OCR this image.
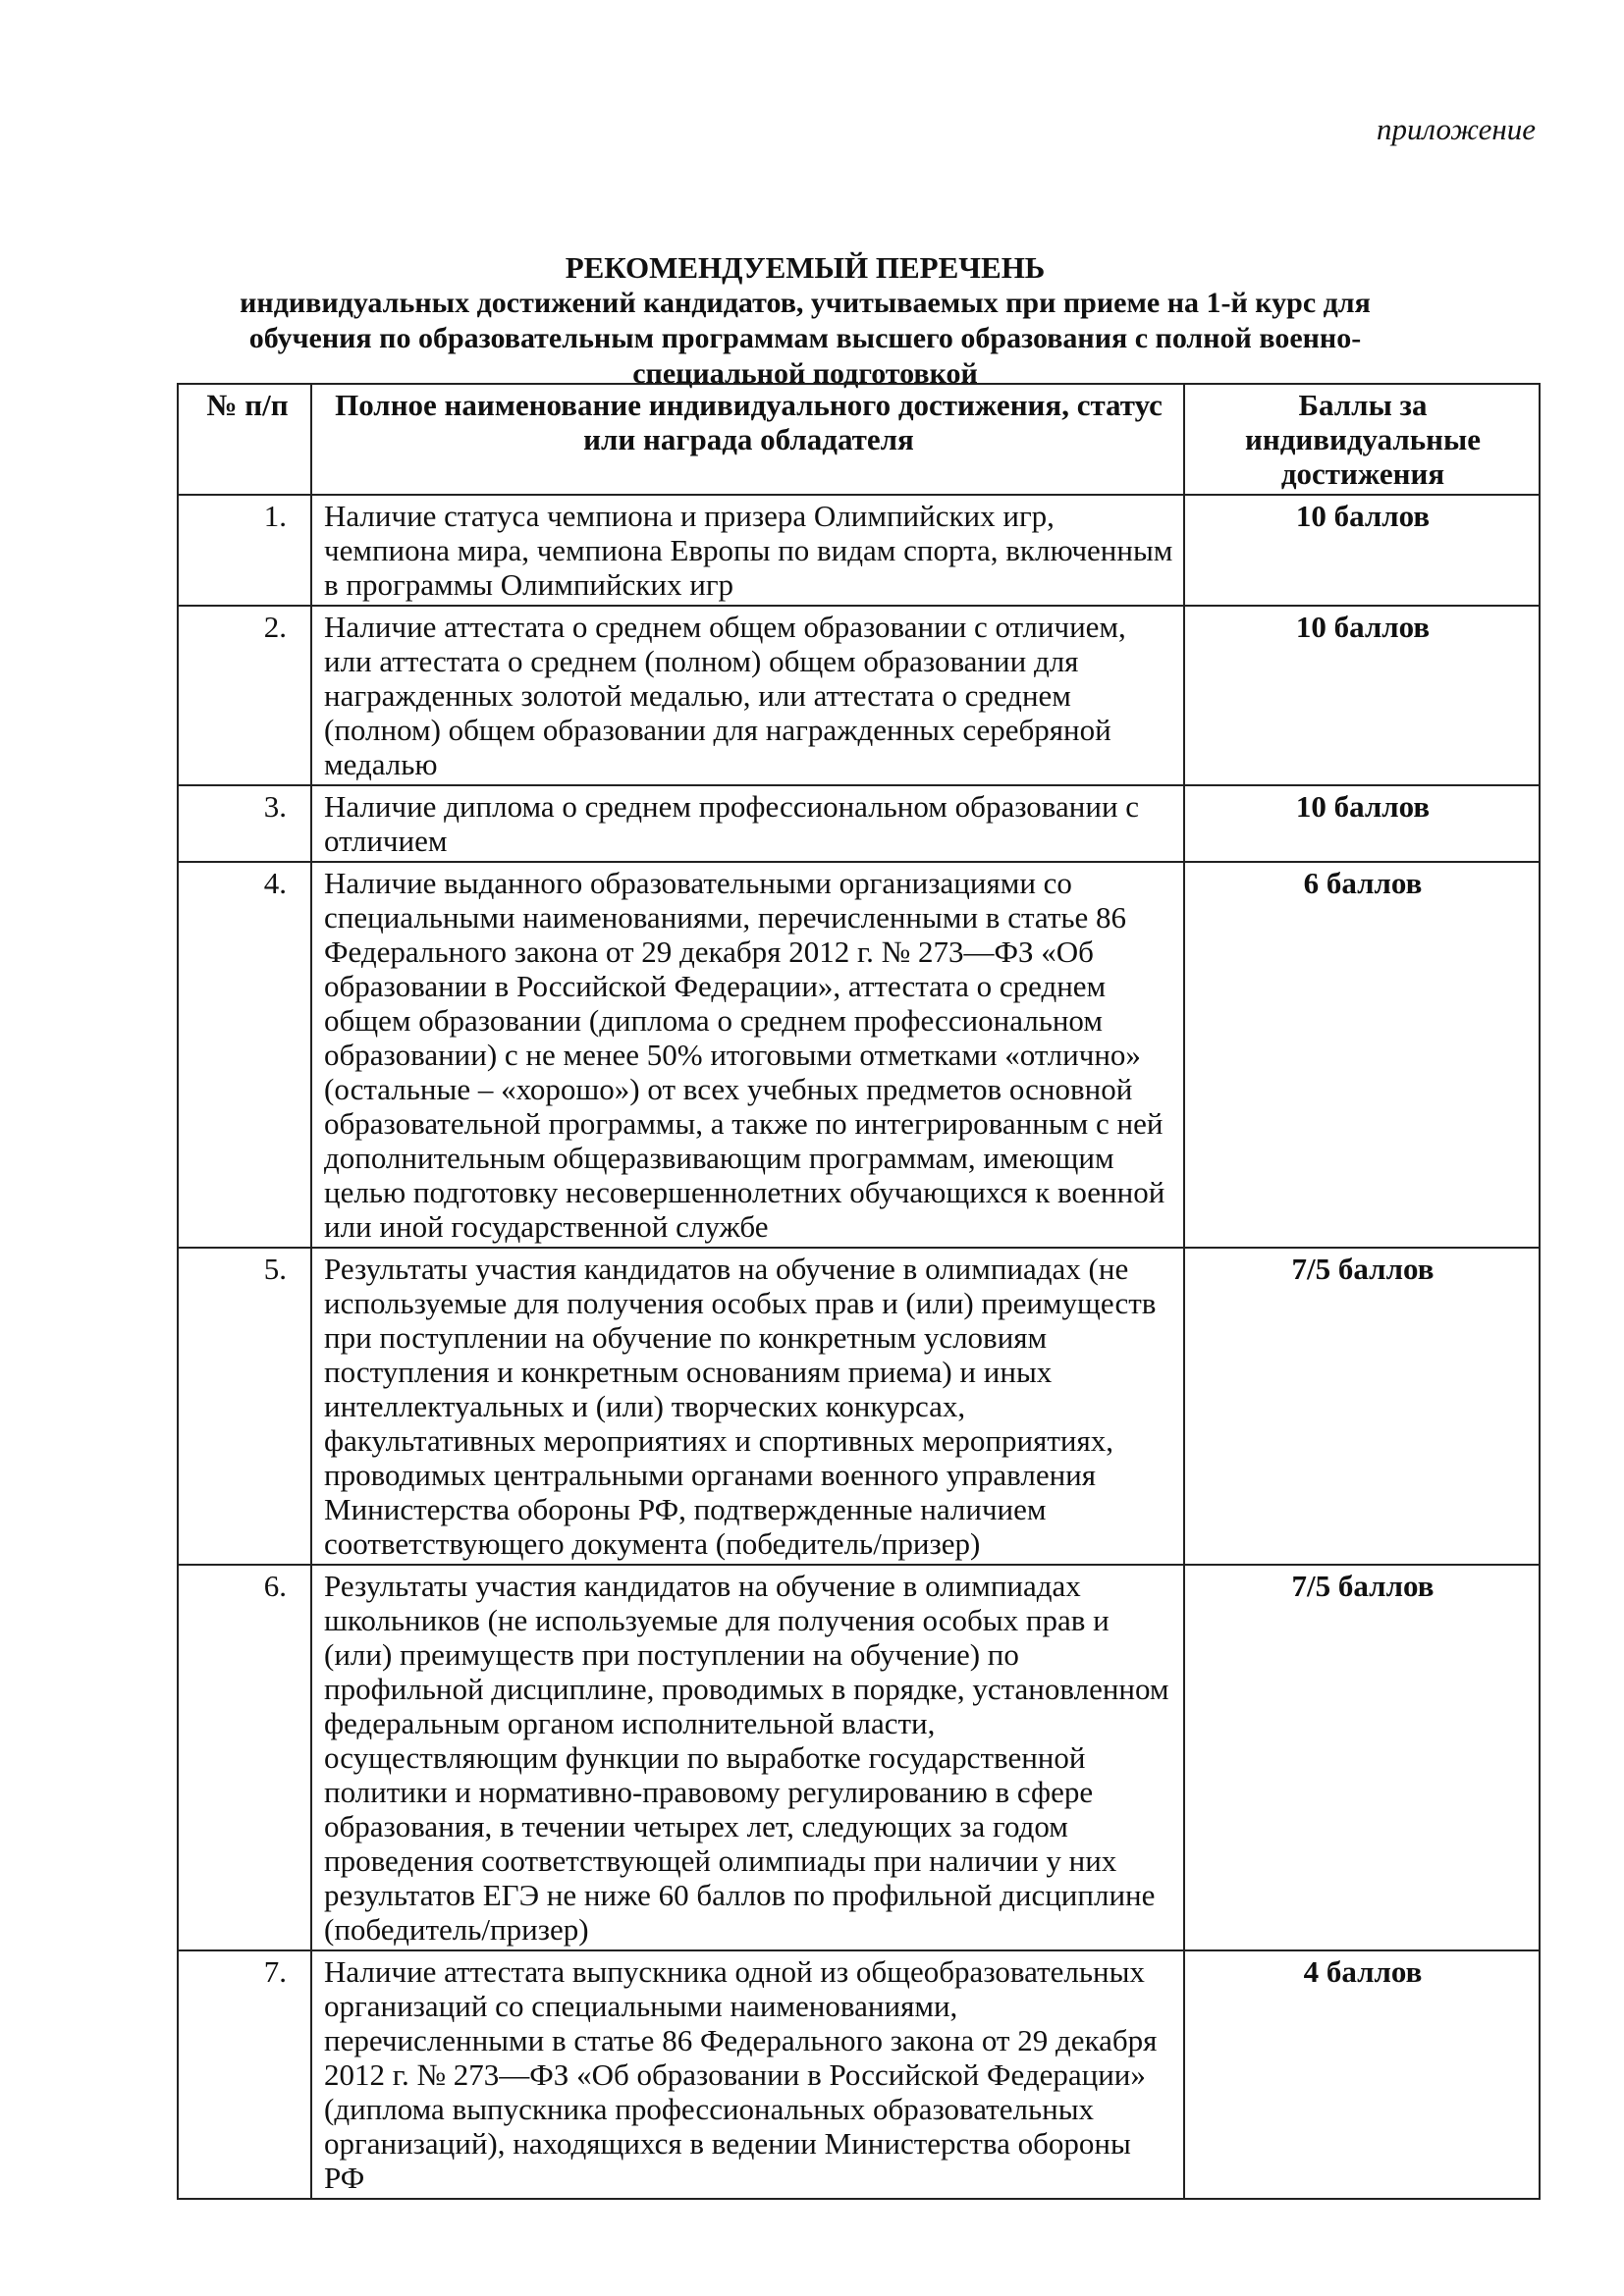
приложение
РЕКОМЕНДУЕМЫЙ ПЕРЕЧЕНЬ
индивидуальных достижений кандидатов, учитываемых при приеме на 1-й курс для обучения по образовательным программам высшего образования с полной военно-специальной подготовкой
№ п/п	Полное наименование индивидуального достижения, статус или награда обладателя	Баллы за индивидуальные достижения
1.	Наличие статуса чемпиона и призера Олимпийских игр, чемпиона мира, чемпиона Европы по видам спорта, включенным в программы Олимпийских игр	10 баллов
2.	Наличие аттестата о среднем общем образовании с отличием, или аттестата о среднем (полном) общем образовании для награжденных золотой медалью, или аттестата о среднем (полном) общем образовании для награжденных серебряной медалью	10 баллов
3.	Наличие диплома о среднем профессиональном образовании с отличием	10 баллов
4.	Наличие выданного образовательными организациями со специальными наименованиями, перечисленными в статье 86 Федерального закона от 29 декабря 2012 г. № 273—ФЗ «Об образовании в Российской Федерации», аттестата о среднем общем образовании (диплома о среднем профессиональном образовании) с не менее 50% итоговыми отметками «отлично» (остальные – «хорошо») от всех учебных предметов основной образовательной программы, а также по интегрированным с ней дополнительным общеразвивающим программам, имеющим целью подготовку несовершеннолетних обучающихся к военной или иной государственной службе	6 баллов
5.	Результаты участия кандидатов на обучение в олимпиадах (не используемые для получения особых прав и (или) преимуществ при поступлении на обучение по конкретным условиям поступления и конкретным основаниям приема) и иных интеллектуальных и (или) творческих конкурсах, факультативных мероприятиях и спортивных мероприятиях, проводимых центральными органами военного управления Министерства обороны РФ, подтвержденные наличием соответствующего документа (победитель/призер)	7/5 баллов
6.	Результаты участия кандидатов на обучение в олимпиадах школьников (не используемые для получения особых прав и (или) преимуществ при поступлении на обучение) по профильной дисциплине, проводимых в порядке, установленном федеральным органом исполнительной власти, осуществляющим функции по выработке государственной политики и нормативно-правовому регулированию в сфере образования, в течении четырех лет, следующих за годом проведения соответствующей олимпиады при наличии у них результатов ЕГЭ не ниже 60 баллов по профильной дисциплине (победитель/призер)	7/5 баллов
7.	Наличие аттестата выпускника одной из общеобразовательных организаций со специальными наименованиями, перечисленными в статье 86 Федерального закона от 29 декабря 2012 г. № 273—ФЗ «Об образовании в Российской Федерации» (диплома выпускника профессиональных образовательных организаций), находящихся в ведении Министерства обороны РФ	4 баллов
